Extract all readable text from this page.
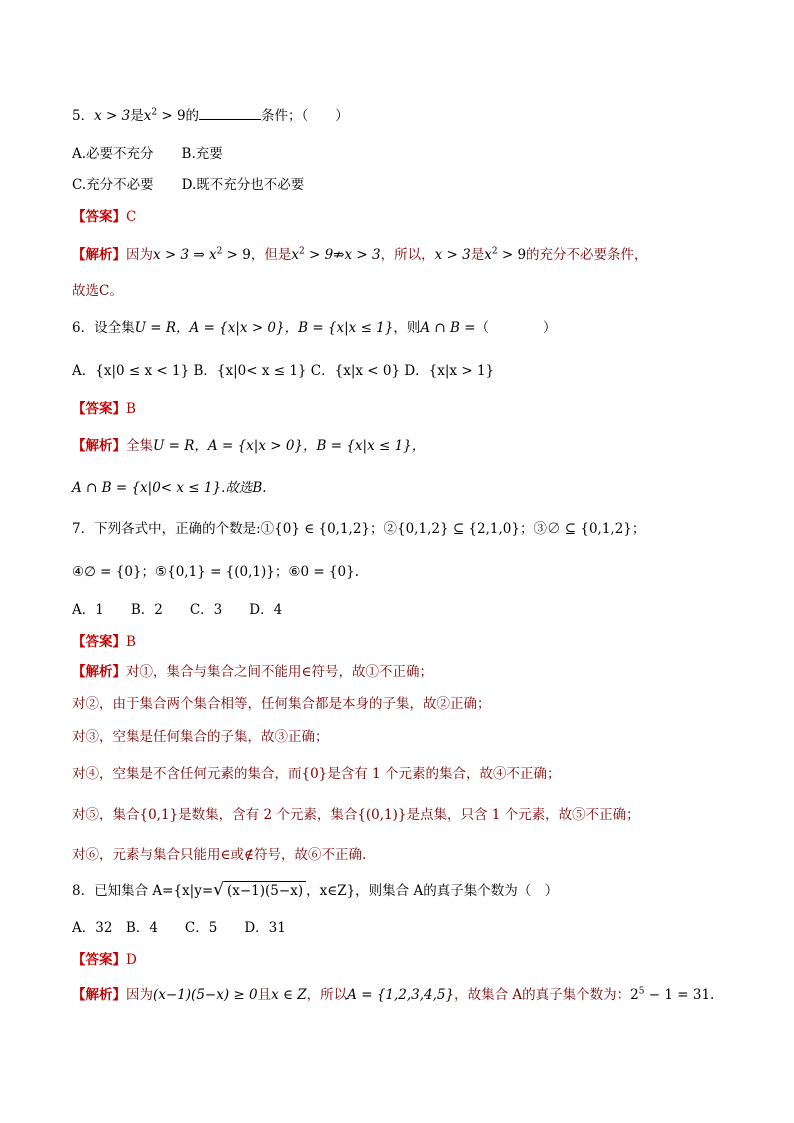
5．x > 3是$x^2 > 9$的	条件；（　　）
A.必要不充分 B.充要
C.充分不必要 D.既不充分也不必要
【答案】C
【解析】因为x > 3 ⇒ $x^2 > 9$，但是$x^2$ > 9⇏x > 3，所以，x > 3是$x^2 > 9$的充分不必要条件，
故选C。
6．设全集U = R，A = {x|x > 0}，B = {x|x ≤ 1}，则A ∩ B =（　　　　）
A．{x|0 ≤ x < 1} B．{x|0< x ≤ 1} C．{x|x < 0} D．{x|x > 1}
【答案】B
【解析】全集U = R，A = {x|x > 0}，B = {x|x ≤ 1}，
A ∩ B = {x|0< x ≤ 1}.故选B.
7．下列各式中，正确的个数是:①{0} ∈ {0,1,2}；②{0,1,2} ⊆ {2,1,0}；③∅ ⊆ {0,1,2}；
④∅ = {0}；⑤{0,1} = {(0,1)}；⑥0 = {0}.
A．1　　B．2　　C．3　　D．4
【答案】B
【解析】对①，集合与集合之间不能用∈符号，故①不正确；
对②，由于集合两个集合相等，任何集合都是本身的子集，故②正确；
对③，空集是任何集合的子集，故③正确；
对④，空集是不含任何元素的集合，而{0}是含有 1 个元素的集合，故④不正确；
对⑤，集合{0,1}是数集，含有 2 个元素，集合{(0,1)}是点集，只含 1 个元素，故⑤不正确；
对⑥，元素与集合只能用∈或∉符号，故⑥不正确.
8．已知集合 A={x|y=√ (x−1)(5−x) ，x∈Z}，则集合 A的真子集个数为（　）
A．32　B．4　　C．5　　D．31
【答案】D
【解析】因为(x−1)(5−x) ≥ 0且x ∈ Z，所以A = {1,2,3,4,5}，故集合 A的真子集个数为：$2^5 - 1 = 31$.
